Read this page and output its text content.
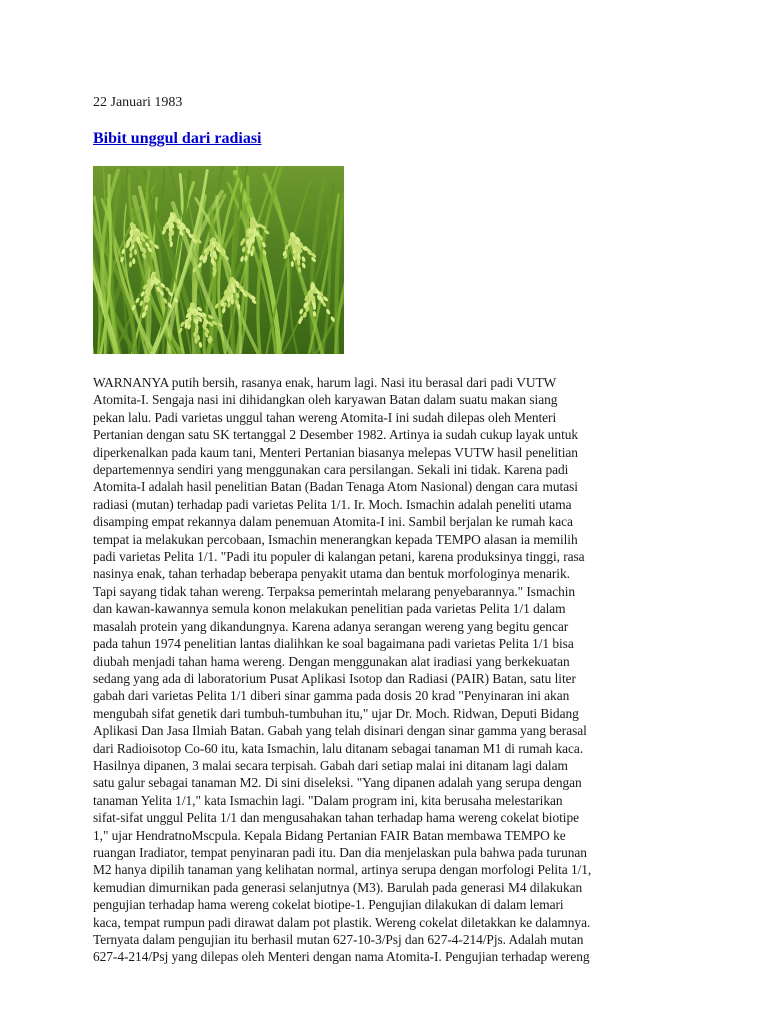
22 Januari 1983
Bibit unggul dari radiasi
WARNANYA putih bersih, rasanya enak, harum lagi. Nasi itu berasal dari padi VUTW
Atomita-I. Sengaja nasi ini dihidangkan oleh karyawan Batan dalam suatu makan siang
pekan lalu. Padi varietas unggul tahan wereng Atomita-I ini sudah dilepas oleh Menteri
Pertanian dengan satu SK tertanggal 2 Desember 1982. Artinya ia sudah cukup layak untuk
diperkenalkan pada kaum tani, Menteri Pertanian biasanya melepas VUTW hasil penelitian
departemennya sendiri yang menggunakan cara persilangan. Sekali ini tidak. Karena padi
Atomita-I adalah hasil penelitian Batan (Badan Tenaga Atom Nasional) dengan cara mutasi
radiasi (mutan) terhadap padi varietas Pelita 1/1. Ir. Moch. Ismachin adalah peneliti utama
disamping empat rekannya dalam penemuan Atomita-I ini. Sambil berjalan ke rumah kaca
tempat ia melakukan percobaan, Ismachin menerangkan kepada TEMPO alasan ia memilih
padi varietas Pelita 1/1. "Padi itu populer di kalangan petani, karena produksinya tinggi, rasa
nasinya enak, tahan terhadap beberapa penyakit utama dan bentuk morfologinya menarik.
Tapi sayang tidak tahan wereng. Terpaksa pemerintah melarang penyebarannya." Ismachin
dan kawan-kawannya semula konon melakukan penelitian pada varietas Pelita 1/1 dalam
masalah protein yang dikandungnya. Karena adanya serangan wereng yang begitu gencar
pada tahun 1974 penelitian lantas dialihkan ke soal bagaimana padi varietas Pelita 1/1 bisa
diubah menjadi tahan hama wereng. Dengan menggunakan alat iradiasi yang berkekuatan
sedang yang ada di laboratorium Pusat Aplikasi Isotop dan Radiasi (PAIR) Batan, satu liter
gabah dari varietas Pelita 1/1 diberi sinar gamma pada dosis 20 krad "Penyinaran ini akan
mengubah sifat genetik dari tumbuh-tumbuhan itu," ujar Dr. Moch. Ridwan, Deputi Bidang
Aplikasi Dan Jasa Ilmiah Batan. Gabah yang telah disinari dengan sinar gamma yang berasal
dari Radioisotop Co-60 itu, kata Ismachin, lalu ditanam sebagai tanaman M1 di rumah kaca.
Hasilnya dipanen, 3 malai secara terpisah. Gabah dari setiap malai ini ditanam lagi dalam
satu galur sebagai tanaman M2. Di sini diseleksi. "Yang dipanen adalah yang serupa dengan
tanaman Yelita 1/1," kata Ismachin lagi. "Dalam program ini, kita berusaha melestarikan
sifat-sifat unggul Pelita 1/1 dan mengusahakan tahan terhadap hama wereng cokelat biotipe
1," ujar HendratnoMscpula. Kepala Bidang Pertanian FAIR Batan membawa TEMPO ke
ruangan Iradiator, tempat penyinaran padi itu. Dan dia menjelaskan pula bahwa pada turunan
M2 hanya dipilih tanaman yang kelihatan normal, artinya serupa dengan morfologi Pelita 1/1,
kemudian dimurnikan pada generasi selanjutnya (M3). Barulah pada generasi M4 dilakukan
pengujian terhadap hama wereng cokelat biotipe-1. Pengujian dilakukan di dalam lemari
kaca, tempat rumpun padi dirawat dalam pot plastik. Wereng cokelat diletakkan ke dalamnya.
Ternyata dalam pengujian itu berhasil mutan 627-10-3/Psj dan 627-4-214/Pjs. Adalah mutan
627-4-214/Psj yang dilepas oleh Menteri dengan nama Atomita-I. Pengujian terhadap wereng
